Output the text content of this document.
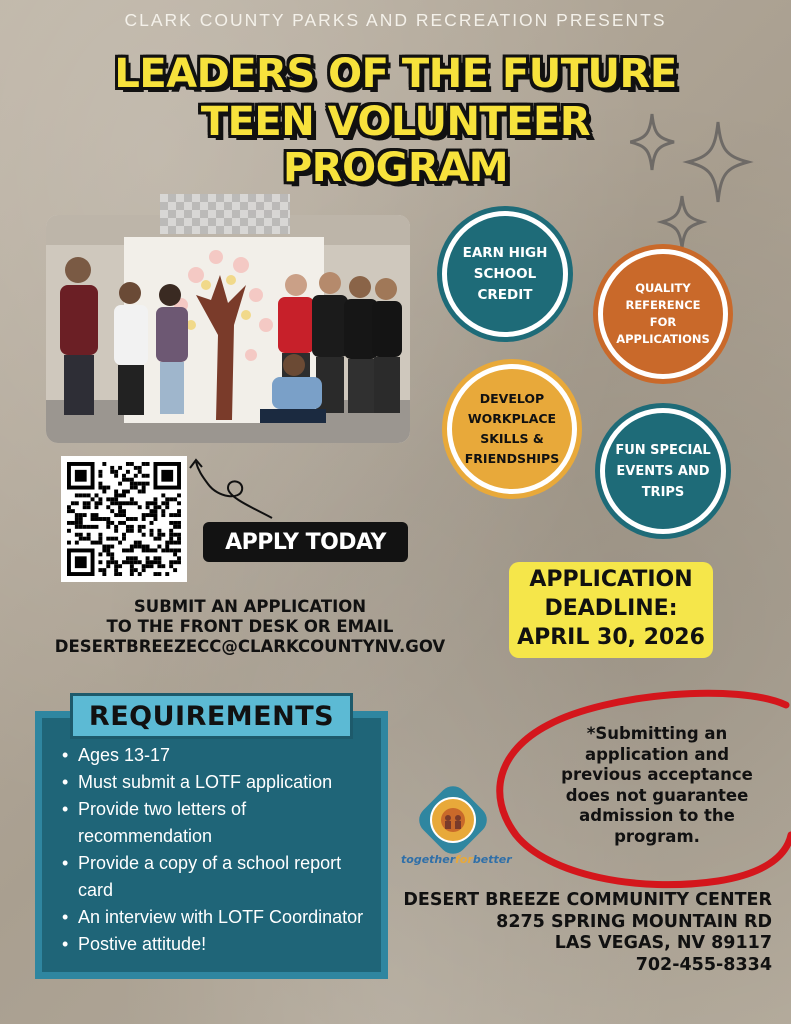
CLARK COUNTY PARKS AND RECREATION PRESENTS
LEADERS OF THE FUTURE
TEEN VOLUNTEER
PROGRAM
EARN HIGH
SCHOOL
CREDIT	QUALITY
REFERENCE
FOR
APPLICATIONS
DEVELOP
WORKPLACE
SKILLS &
FRIENDSHIPS
FUN SPECIAL
EVENTS AND
TRIPS
APPLY TODAY
APPLICATION
DEADLINE:
APRIL 30, 2026
SUBMIT AN APPLICATION
TO THE FRONT DESK OR EMAIL
DESERTBREEZECC@CLARKCOUNTYNV.GOV
REQUIREMENTS
• Ages 13-17
• Must submit a LOTF application
• Provide two letters of recommendation
• Provide a copy of a school report card
• An interview with LOTF Coordinator
• Postive attitude!
*Submitting an
application and
previous acceptance
does not guarantee
admission to the
program.
togetherforbetter
DESERT BREEZE COMMUNITY CENTER
8275 SPRING MOUNTAIN RD
LAS VEGAS, NV 89117
702-455-8334
